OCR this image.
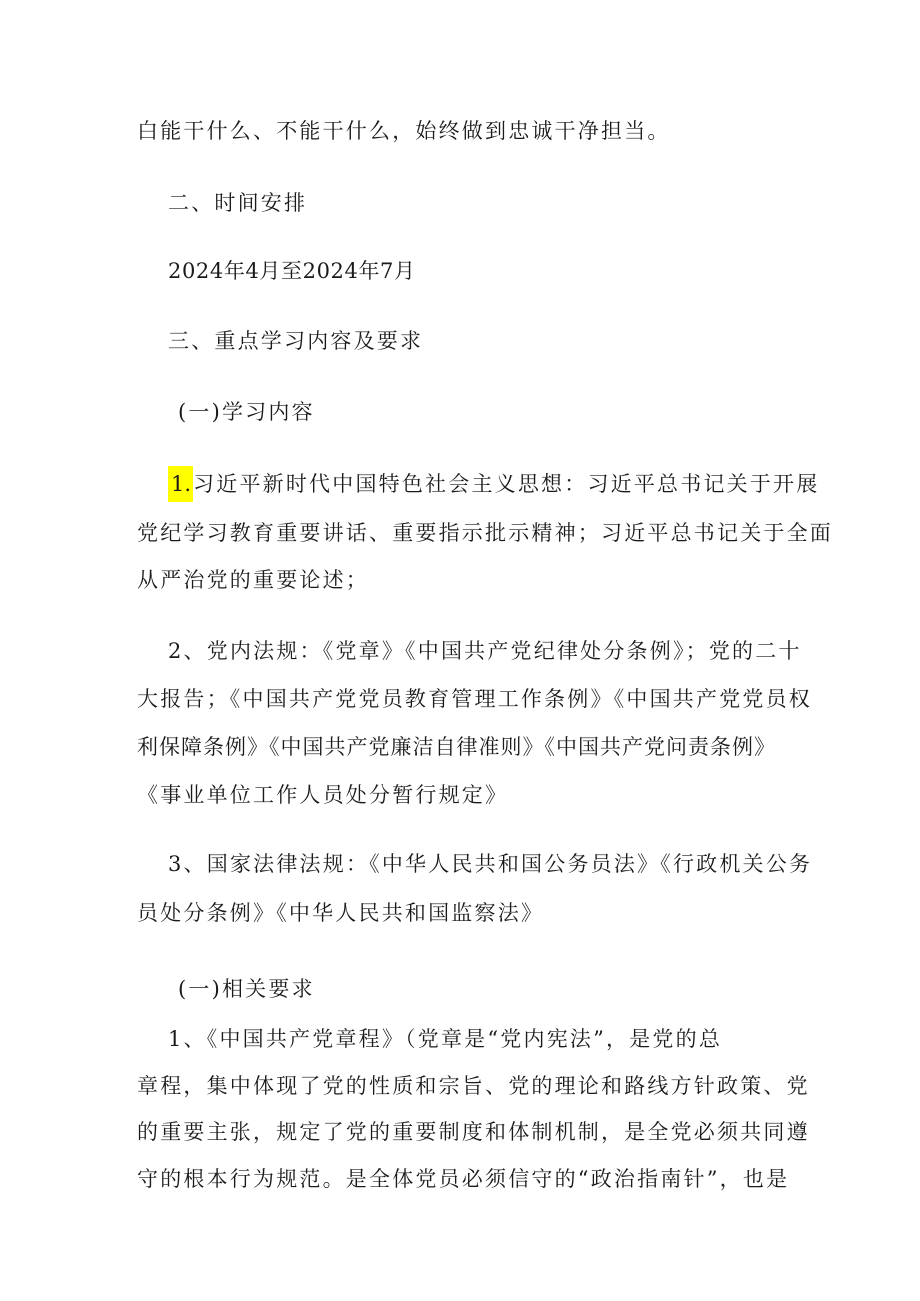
白能干什么、不能干什么，始终做到忠诚干净担当。
二、时间安排
2024年4月至2024年7月
三、重点学习内容及要求
(一)学习内容
1.习近平新时代中国特色社会主义思想：习近平总书记关于开展
党纪学习教育重要讲话、重要指示批示精神；习近平总书记关于全面
从严治党的重要论述；
2、党内法规：《党章》《中国共产党纪律处分条例》；党的二十
大报告；《中国共产党党员教育管理工作条例》《中国共产党党员权
利保障条例》《中国共产党廉洁自律准则》《中国共产党问责条例》
《事业单位工作人员处分暂行规定》
3、国家法律法规：《中华人民共和国公务员法》《行政机关公务
员处分条例》《中华人民共和国监察法》
(一)相关要求
1、《中国共产党章程》（党章是“党内宪法”，是党的总
章程，集中体现了党的性质和宗旨、党的理论和路线方针政策、党
的重要主张，规定了党的重要制度和体制机制，是全党必须共同遵
守的根本行为规范。是全体党员必须信守的“政治指南针”，也是
